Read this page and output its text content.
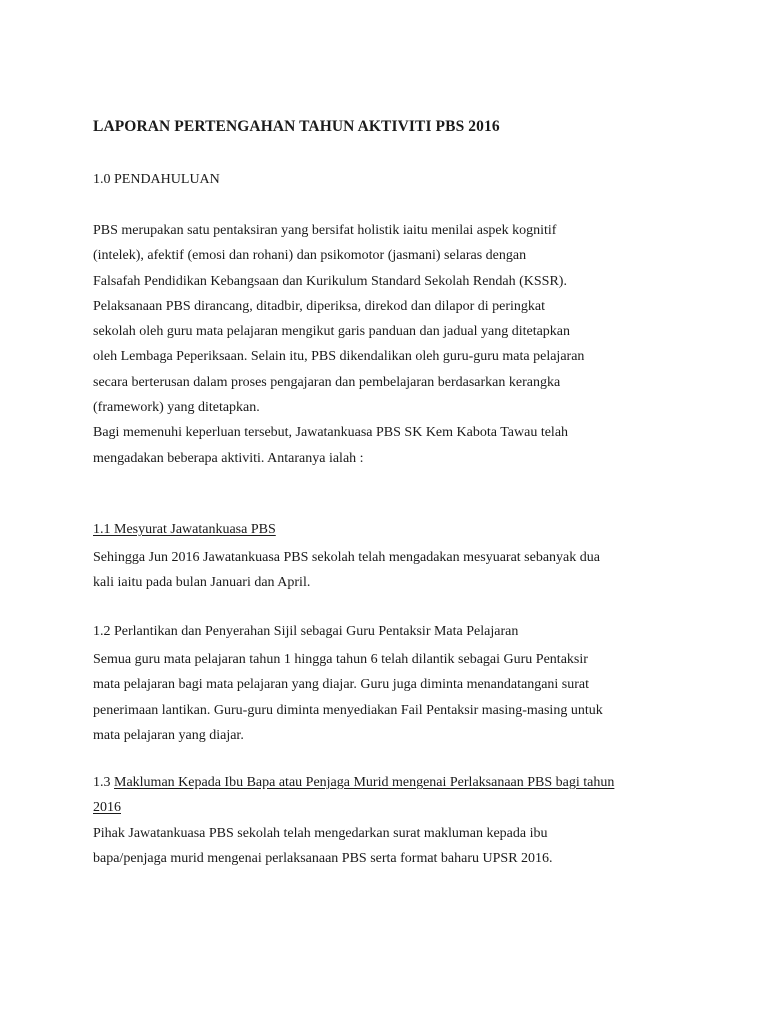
LAPORAN PERTENGAHAN TAHUN AKTIVITI PBS 2016
1.0 PENDAHULUAN
PBS merupakan satu pentaksiran yang bersifat holistik iaitu menilai aspek kognitif
(intelek), afektif (emosi dan rohani) dan psikomotor (jasmani) selaras dengan
Falsafah Pendidikan Kebangsaan dan Kurikulum Standard Sekolah Rendah (KSSR).
Pelaksanaan PBS dirancang, ditadbir, diperiksa, direkod dan dilapor di peringkat
sekolah oleh guru mata pelajaran mengikut garis panduan dan jadual yang ditetapkan
oleh Lembaga Peperiksaan. Selain itu, PBS dikendalikan oleh guru-guru mata pelajaran
secara berterusan dalam proses pengajaran dan pembelajaran berdasarkan kerangka
(framework) yang ditetapkan.
Bagi memenuhi keperluan tersebut, Jawatankuasa PBS SK Kem Kabota Tawau telah
mengadakan beberapa aktiviti. Antaranya ialah :
1.1 Mesyurat Jawatankuasa PBS
Sehingga Jun 2016 Jawatankuasa PBS sekolah telah mengadakan mesyuarat sebanyak dua
kali iaitu pada bulan Januari dan April.
1.2 Perlantikan dan Penyerahan Sijil sebagai Guru Pentaksir Mata Pelajaran
Semua guru mata pelajaran tahun 1 hingga tahun 6 telah dilantik sebagai Guru Pentaksir
mata pelajaran bagi mata pelajaran yang diajar. Guru juga diminta menandatangani surat
penerimaan lantikan. Guru-guru diminta menyediakan Fail Pentaksir masing-masing untuk
mata pelajaran yang diajar.
1.3 Makluman Kepada Ibu Bapa atau Penjaga Murid mengenai Perlaksanaan PBS bagi tahun
2016
Pihak Jawatankuasa PBS sekolah telah mengedarkan surat makluman kepada ibu
bapa/penjaga murid mengenai perlaksanaan PBS serta format baharu UPSR 2016.
